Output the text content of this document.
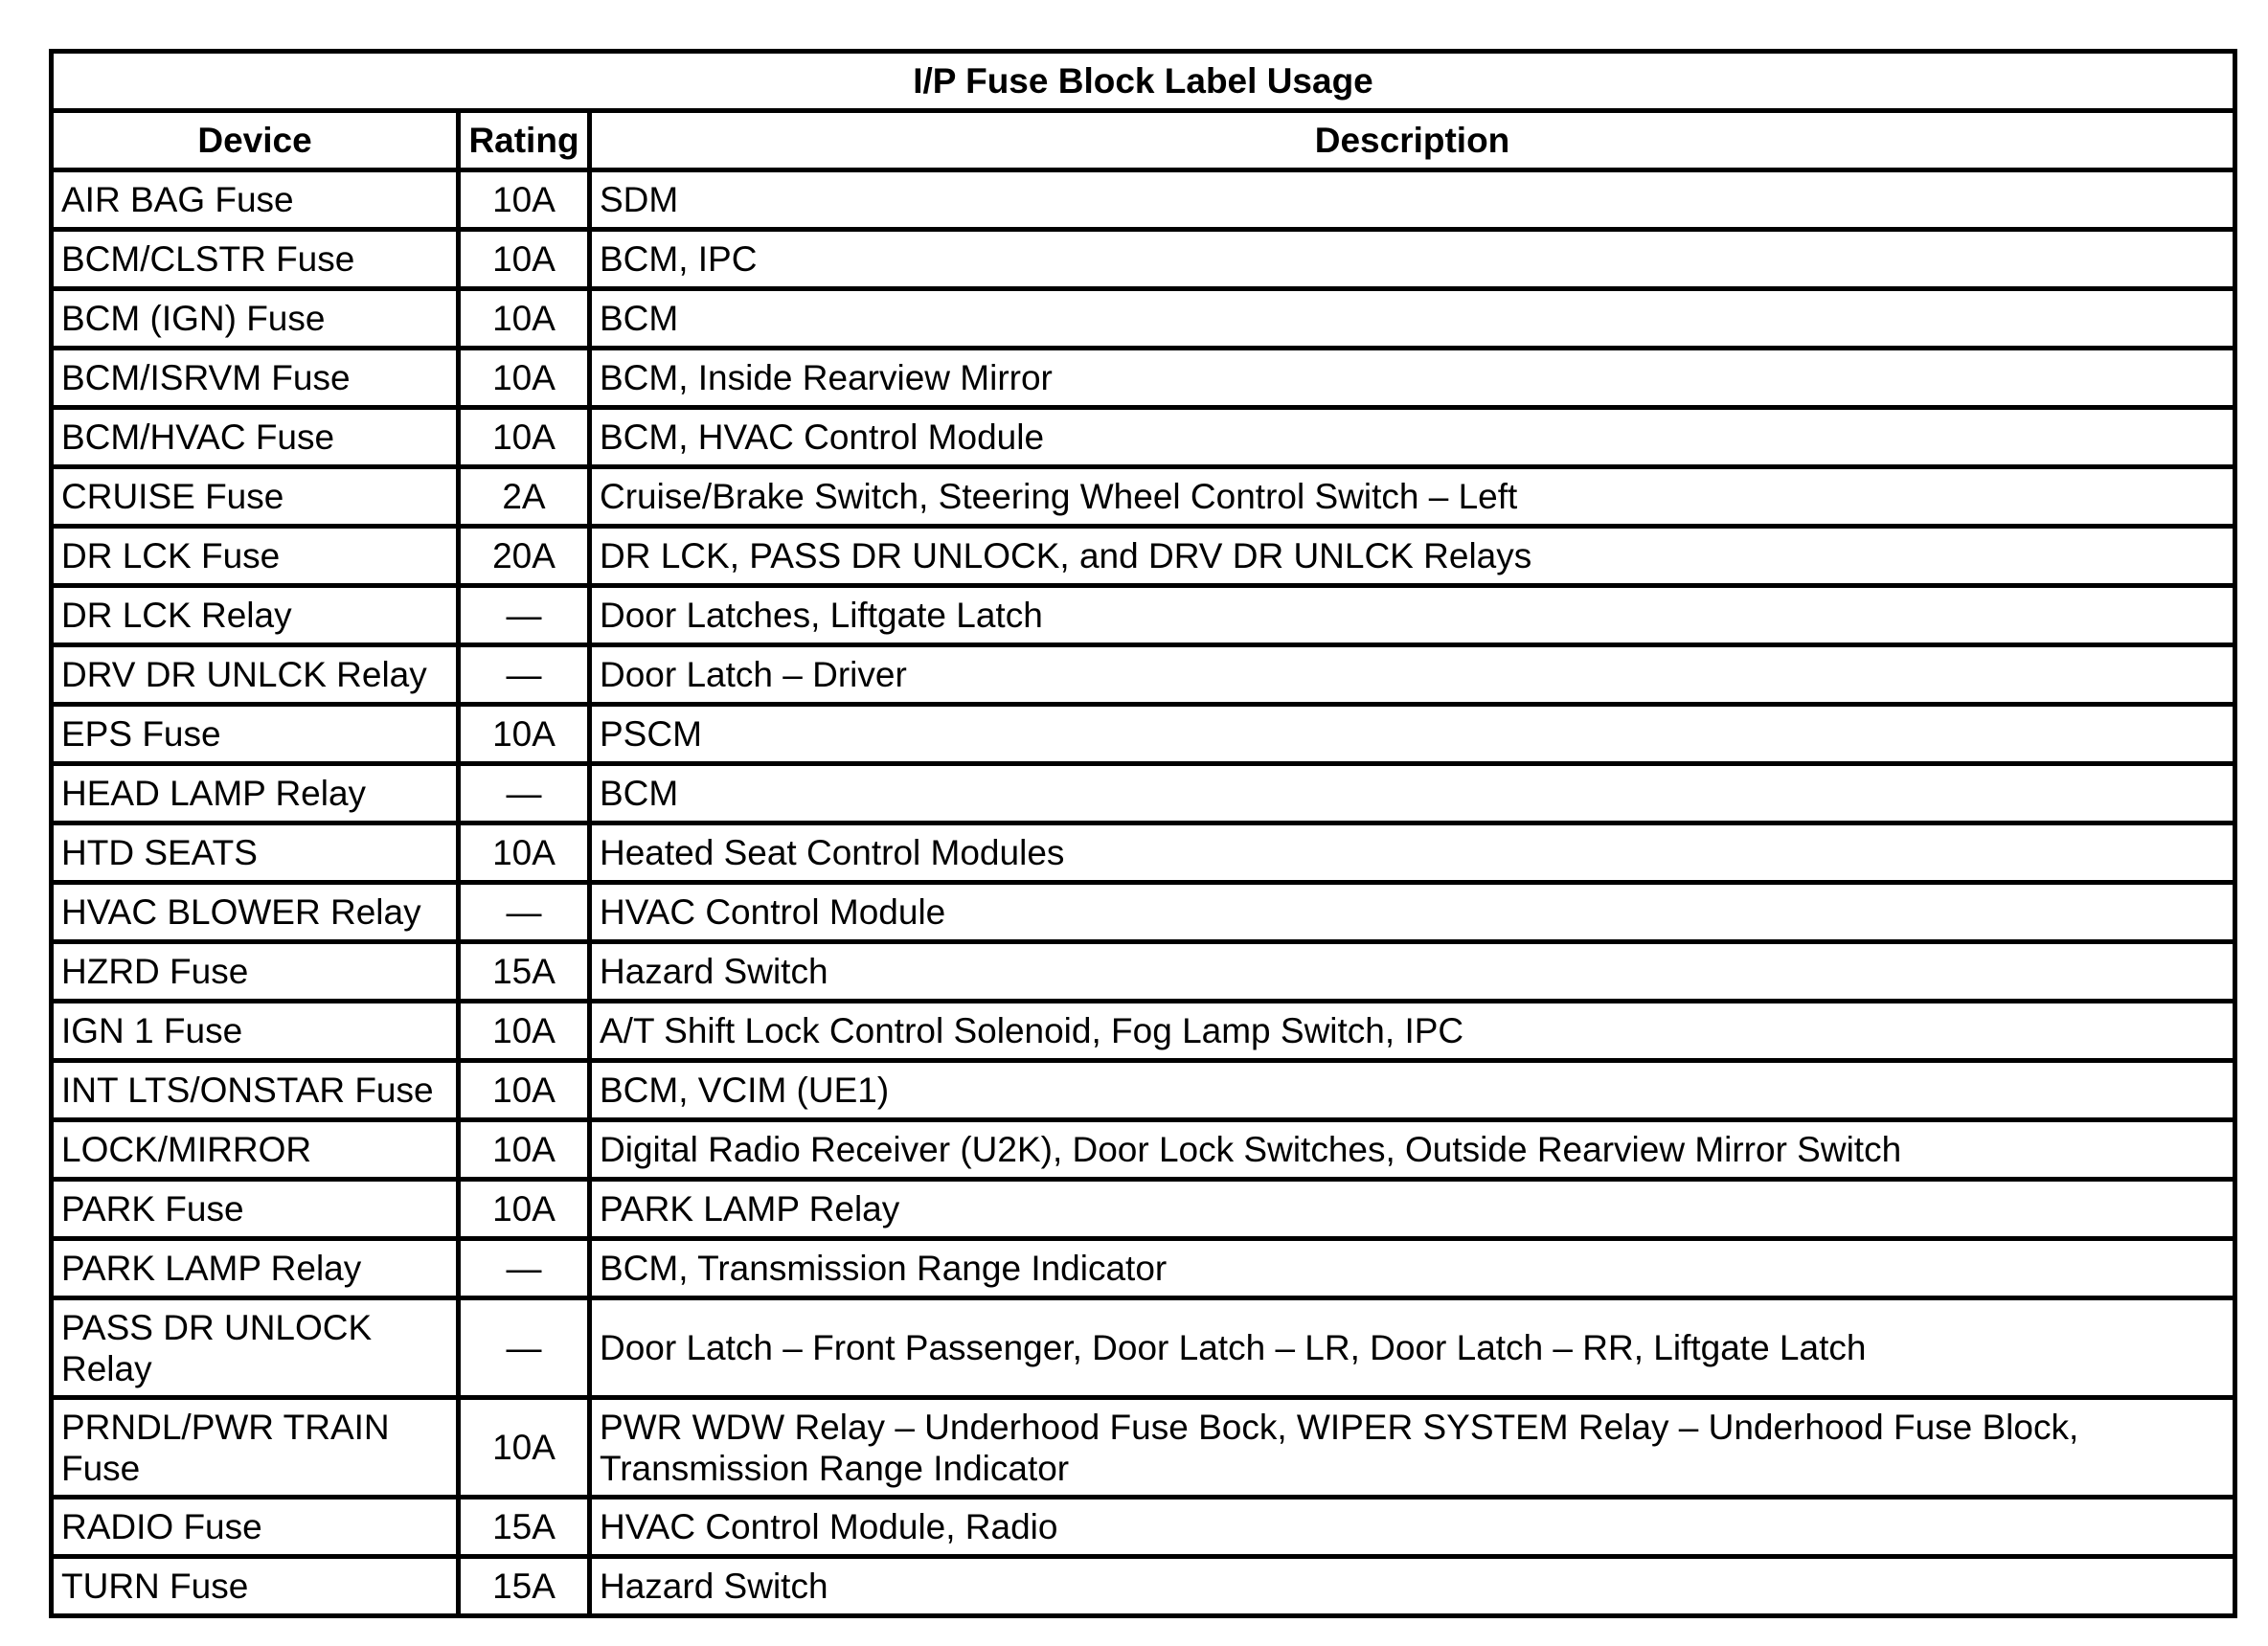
I/P Fuse Block Label Usage		
Device	Rating	Description
AIR BAG Fuse	10A	SDM
BCM/CLSTR Fuse	10A	BCM, IPC
BCM (IGN) Fuse	10A	BCM
BCM/ISRVM Fuse	10A	BCM, Inside Rearview Mirror
BCM/HVAC Fuse	10A	BCM, HVAC Control Module
CRUISE Fuse	2A	Cruise/Brake Switch, Steering Wheel Control Switch – Left
DR LCK Fuse	20A	DR LCK, PASS DR UNLOCK, and DRV DR UNLCK Relays
DR LCK Relay	—	Door Latches, Liftgate Latch
DRV DR UNLCK Relay	—	Door Latch – Driver
EPS Fuse	10A	PSCM
HEAD LAMP Relay	—	BCM
HTD SEATS	10A	Heated Seat Control Modules
HVAC BLOWER Relay	—	HVAC Control Module
HZRD Fuse	15A	Hazard Switch
IGN 1 Fuse	10A	A/T Shift Lock Control Solenoid, Fog Lamp Switch, IPC
INT LTS/ONSTAR Fuse	10A	BCM, VCIM (UE1)
LOCK/MIRROR	10A	Digital Radio Receiver (U2K), Door Lock Switches, Outside Rearview Mirror Switch
PARK Fuse	10A	PARK LAMP Relay
PARK LAMP Relay	—	BCM, Transmission Range Indicator
PASS DR UNLOCK Relay	—	Door Latch – Front Passenger, Door Latch – LR, Door Latch – RR, Liftgate Latch
PRNDL/PWR TRAIN Fuse	10A	PWR WDW Relay – Underhood Fuse Bock, WIPER SYSTEM Relay – Underhood Fuse Block, Transmission Range Indicator
RADIO Fuse	15A	HVAC Control Module, Radio
TURN Fuse	15A	Hazard Switch
